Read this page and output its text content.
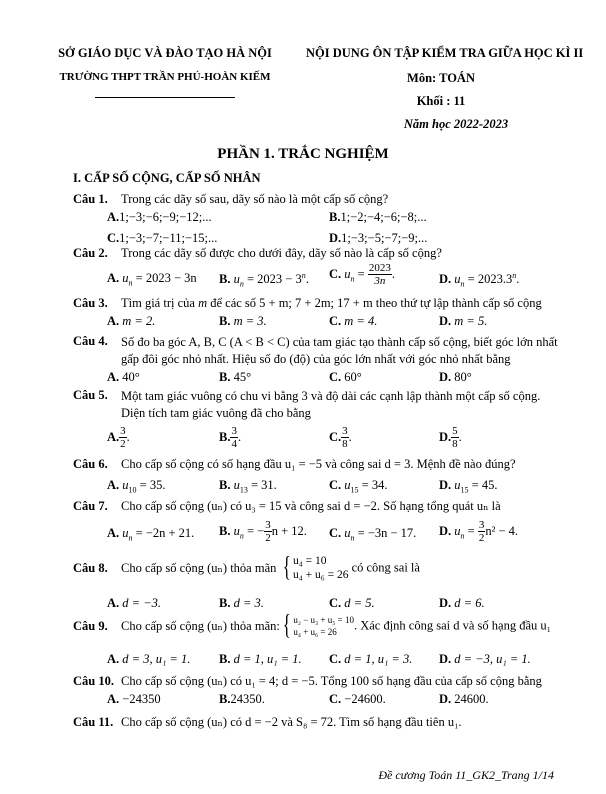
SỞ GIÁO DỤC VÀ ĐÀO TẠO HÀ NỘI
TRƯỜNG THPT TRẦN PHÚ-HOÀN KIẾM
NỘI DUNG ÔN TẬP KIỂM TRA GIỮA HỌC KÌ II
Môn: TOÁN
Khối : 11
Năm học 2022-2023
PHẦN 1. TRẮC NGHIỆM
I. CẤP SỐ CỘNG, CẤP SỐ NHÂN
Câu 1. Trong các dãy số sau, dãy số nào là một cấp số cộng?
A.1;−3;−6;−9;−12;...	B.1;−2;−4;−6;−8;...
C.1;−3;−7;−11;−15;...	D.1;−3;−5;−7;−9;...
Câu 2. Trong các dãy số được cho dưới đây, dãy số nào là cấp số cộng?
A. $u_n = 2023 - 3n$ B. $u_n = 2023 - 3^n$. C. $u_n = \frac{2023}{3n}$ .	D. $u_n = 2023.3^n$.
Câu 3. Tìm giá trị của m để các số 5 + m; 7 + 2m; 17 + m theo thứ tự lập thành cấp số cộng
A. m = 2.	B. m = 3.	C. m = 4.	D. m = 5.
Câu 4.	Số đo ba góc A, B, C (A < B < C) của tam giác tạo thành cấp số cộng, biết góc lớn nhất gấp đôi góc nhỏ nhất. Hiệu số đo (độ) của góc lớn nhất với góc nhỏ nhất bằng
A. 40°	B. 45°	C. 60°	D. 80°
Câu 5.	Một tam giác vuông có chu vi bằng 3 và độ dài các cạnh lập thành một cấp số cộng. Diện tích tam giác vuông đã cho bằng
A. $\frac{3}{2}$ .	B. $\frac{3}{4}$ .	C. $\frac{3}{8}$ .	D. $\frac{5}{8}$ .
Câu 6. Cho cấp số cộng có số hạng đầu u₁ = −5 và công sai d = 3. Mệnh đề nào đúng?
A. $u_{10} = 35$.	B. $u_{13} = 31$.	C. $u_{15} = 34$.	D. $u_{15} = 45$.
Câu 7. Cho cấp số cộng (uₙ) có u₃ = 15 và công sai d = −2. Số hạng tổng quát uₙ là
A. $u_n = -2n + 21$. B. $u_n$ = − $\frac{3}{2}$ n + 12. C. $u_n = -3n - 17$. D. $u_n = \frac{3}{2} n^2 - 4$.
Câu 8. Cho cấp số cộng (uₙ) thỏa mãn { u₄ = 10
u₄ + u₆ = 26
có công sai là
A. d = −3.	B. d = 3.	C. d = 5.	D. d = 6.
Câu 9. Cho cấp số cộng (uₙ) thỏa mãn:{ u₂ − u₃ + u₅ = 10
u₄ + u₆ = 26	. Xác định công sai d và số hạng đầu u₁
A. d = 3, u₁ = 1. B. d = 1, u₁ = 1. C. d = 1, u₁ = 3. D. d = −3, u₁ = 1.
Câu 10. Cho cấp số cộng (uₙ) có u₁ = 4; d = −5. Tổng 100 số hạng đầu của cấp số cộng bằng
A. −24350	B.24350.	C. −24600.	D. 24600.
Câu 11. Cho cấp số cộng (uₙ) có d = −2 và S₈ = 72. Tìm số hạng đầu tiên u₁.
Đề cương Toán 11_GK2_Trang 1/14
